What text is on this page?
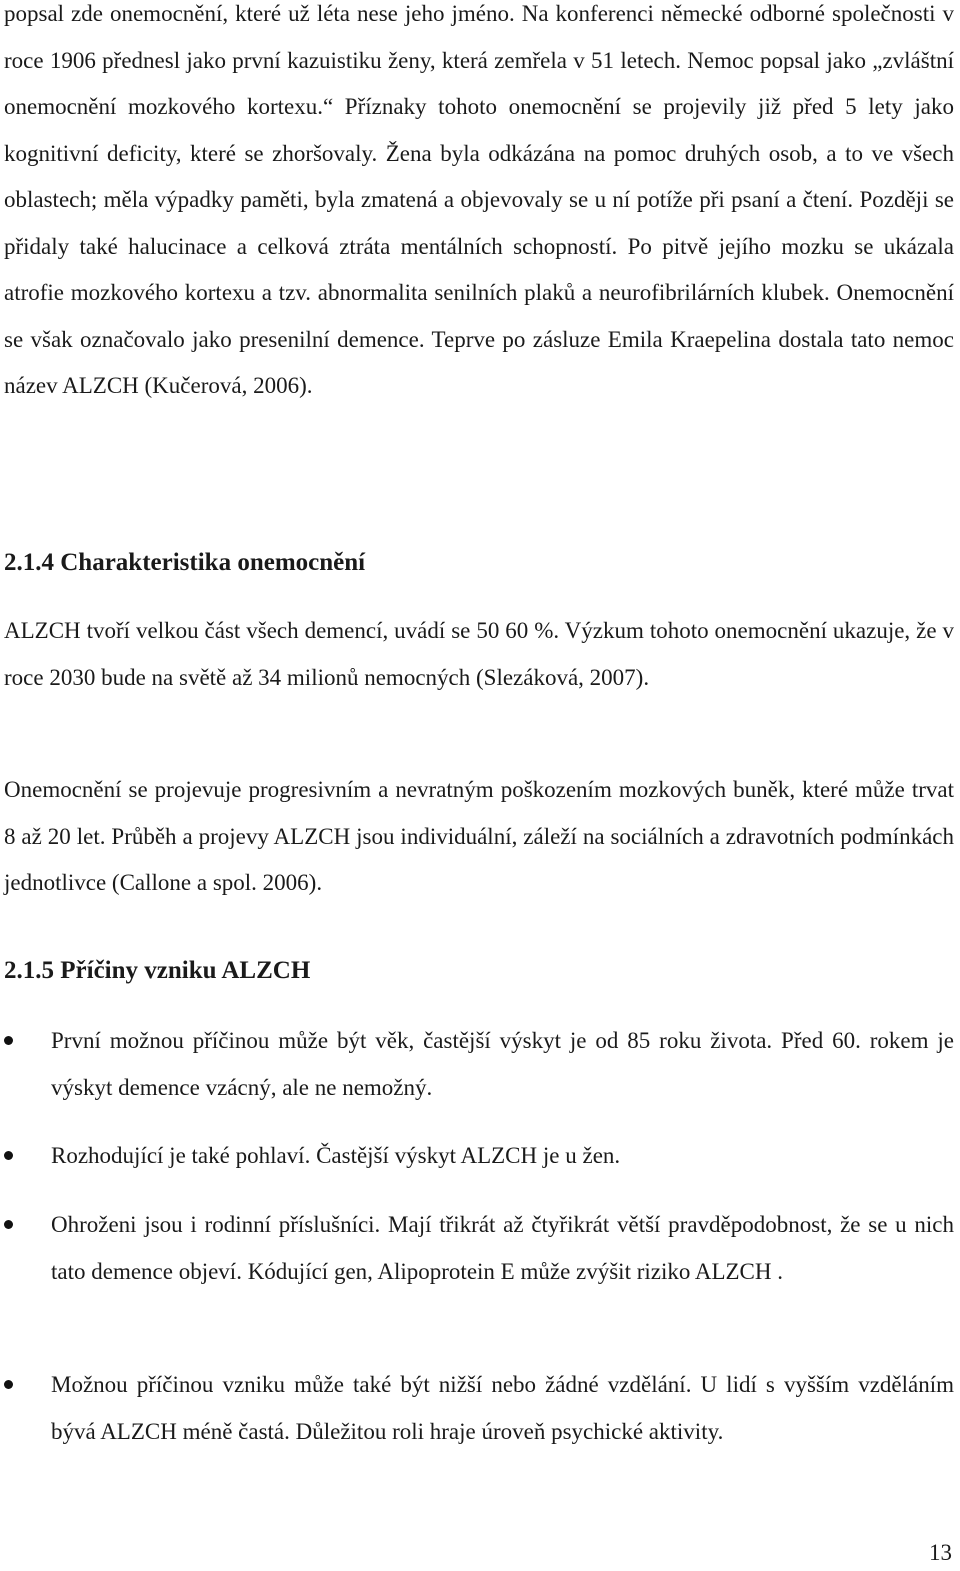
popsal zde onemocnění, které už léta nese jeho jméno. Na konferenci německé odborné společnosti v roce 1906 přednesl jako první kazuistiku ženy, která zemřela v 51 letech. Nemoc popsal jako „zvláštní onemocnění mozkového kortexu.“ Příznaky tohoto onemocnění se projevily již před 5 lety jako kognitivní deficity, které se zhoršovaly. Žena byla odkázána na pomoc druhých osob, a to ve všech oblastech; měla výpadky paměti, byla zmatená a objevovaly se u ní potíže při psaní a čtení. Později se přidaly také halucinace a celková ztráta mentálních schopností. Po pitvě jejího mozku se ukázala atrofie mozkového kortexu a tzv. abnormalita senilních plaků a neurofibrilárních klubek. Onemocnění se však označovalo jako presenilní demence. Teprve po zásluze Emila Kraepelina dostala tato nemoc název ALZCH (Kučerová, 2006).

2.1.4 Charakteristika onemocnění

ALZCH tvoří velkou část všech demencí, uvádí se 50 60 %. Výzkum tohoto onemocnění ukazuje, že v roce 2030 bude na světě až 34 milionů nemocných (Slezáková, 2007).

Onemocnění se projevuje progresivním a nevratným poškozením mozkových buněk, které může trvat 8 až 20 let. Průběh a projevy ALZCH jsou individuální, záleží na sociálních a zdravotních podmínkách jednotlivce (Callone a spol. 2006).

2.1.5 Příčiny vzniku ALZCH
První možnou příčinou může být věk, častější výskyt je od 85 roku života. Před 60. rokem je výskyt demence vzácný, ale ne nemožný.
Rozhodující je také pohlaví. Častější výskyt ALZCH je u žen.
Ohroženi jsou i rodinní příslušníci. Mají třikrát až čtyřikrát větší pravděpodobnost, že se u nich tato demence objeví. Kódující gen, Alipoprotein E může zvýšit riziko ALZCH .
Možnou příčinou vzniku může také být nižší nebo žádné vzdělání. U lidí s vyšším vzděláním bývá ALZCH méně častá. Důležitou roli hraje úroveň psychické aktivity.
13
